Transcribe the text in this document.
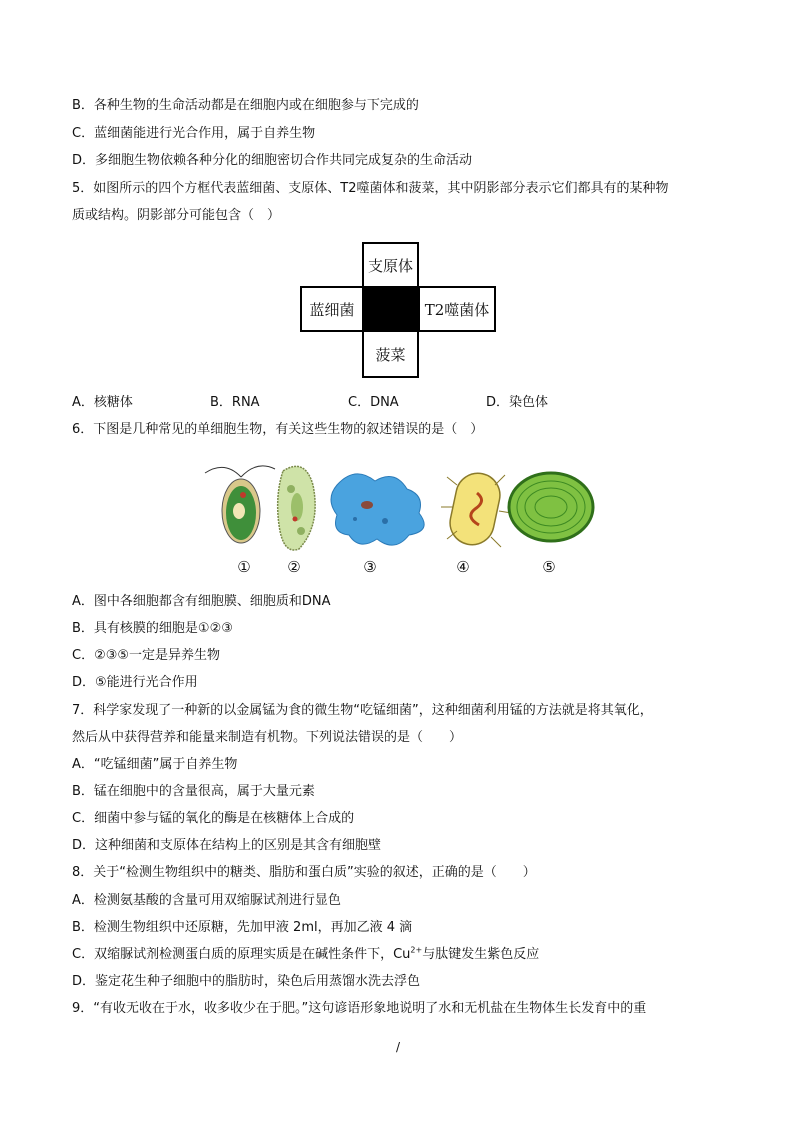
B．各种生物的生命活动都是在细胞内或在细胞参与下完成的
C．蓝细菌能进行光合作用，属于自养生物
D．多细胞生物依赖各种分化的细胞密切合作共同完成复杂的生命活动
5．如图所示的四个方框代表蓝细菌、支原体、T2噬菌体和菠菜，其中阴影部分表示它们都具有的某种物
质或结构。阴影部分可能包含（　）
支原体
蓝细菌	T2噬菌体
菠菜
A．核糖体	B．RNA	C．DNA	D．染色体
6．下图是几种常见的单细胞生物，有关这些生物的叙述错误的是（　）
① ②	③	④	⑤
A．图中各细胞都含有细胞膜、细胞质和DNA
B．具有核膜的细胞是①②③
C．②③⑤一定是异养生物
D．⑤能进行光合作用
7．科学家发现了一种新的以金属锰为食的微生物“吃锰细菌”，这种细菌利用锰的方法就是将其氧化，
然后从中获得营养和能量来制造有机物。下列说法错误的是（　　）
A．“吃锰细菌”属于自养生物
B．锰在细胞中的含量很高，属于大量元素
C．细菌中参与锰的氧化的酶是在核糖体上合成的
D．这种细菌和支原体在结构上的区别是其含有细胞壁
8．关于“检测生物组织中的糖类、脂肪和蛋白质”实验的叙述，正确的是（　　）
A．检测氨基酸的含量可用双缩脲试剂进行显色
B．检测生物组织中还原糖，先加甲液 2ml，再加乙液 4 滴
C．双缩脲试剂检测蛋白质的原理实质是在碱性条件下，$Cu^{2+}$与肽键发生紫色反应
D．鉴定花生种子细胞中的脂肪时，染色后用蒸馏水洗去浮色
9．“有收无收在于水，收多收少在于肥。”这句谚语形象地说明了水和无机盐在生物体生长发育中的重
/
